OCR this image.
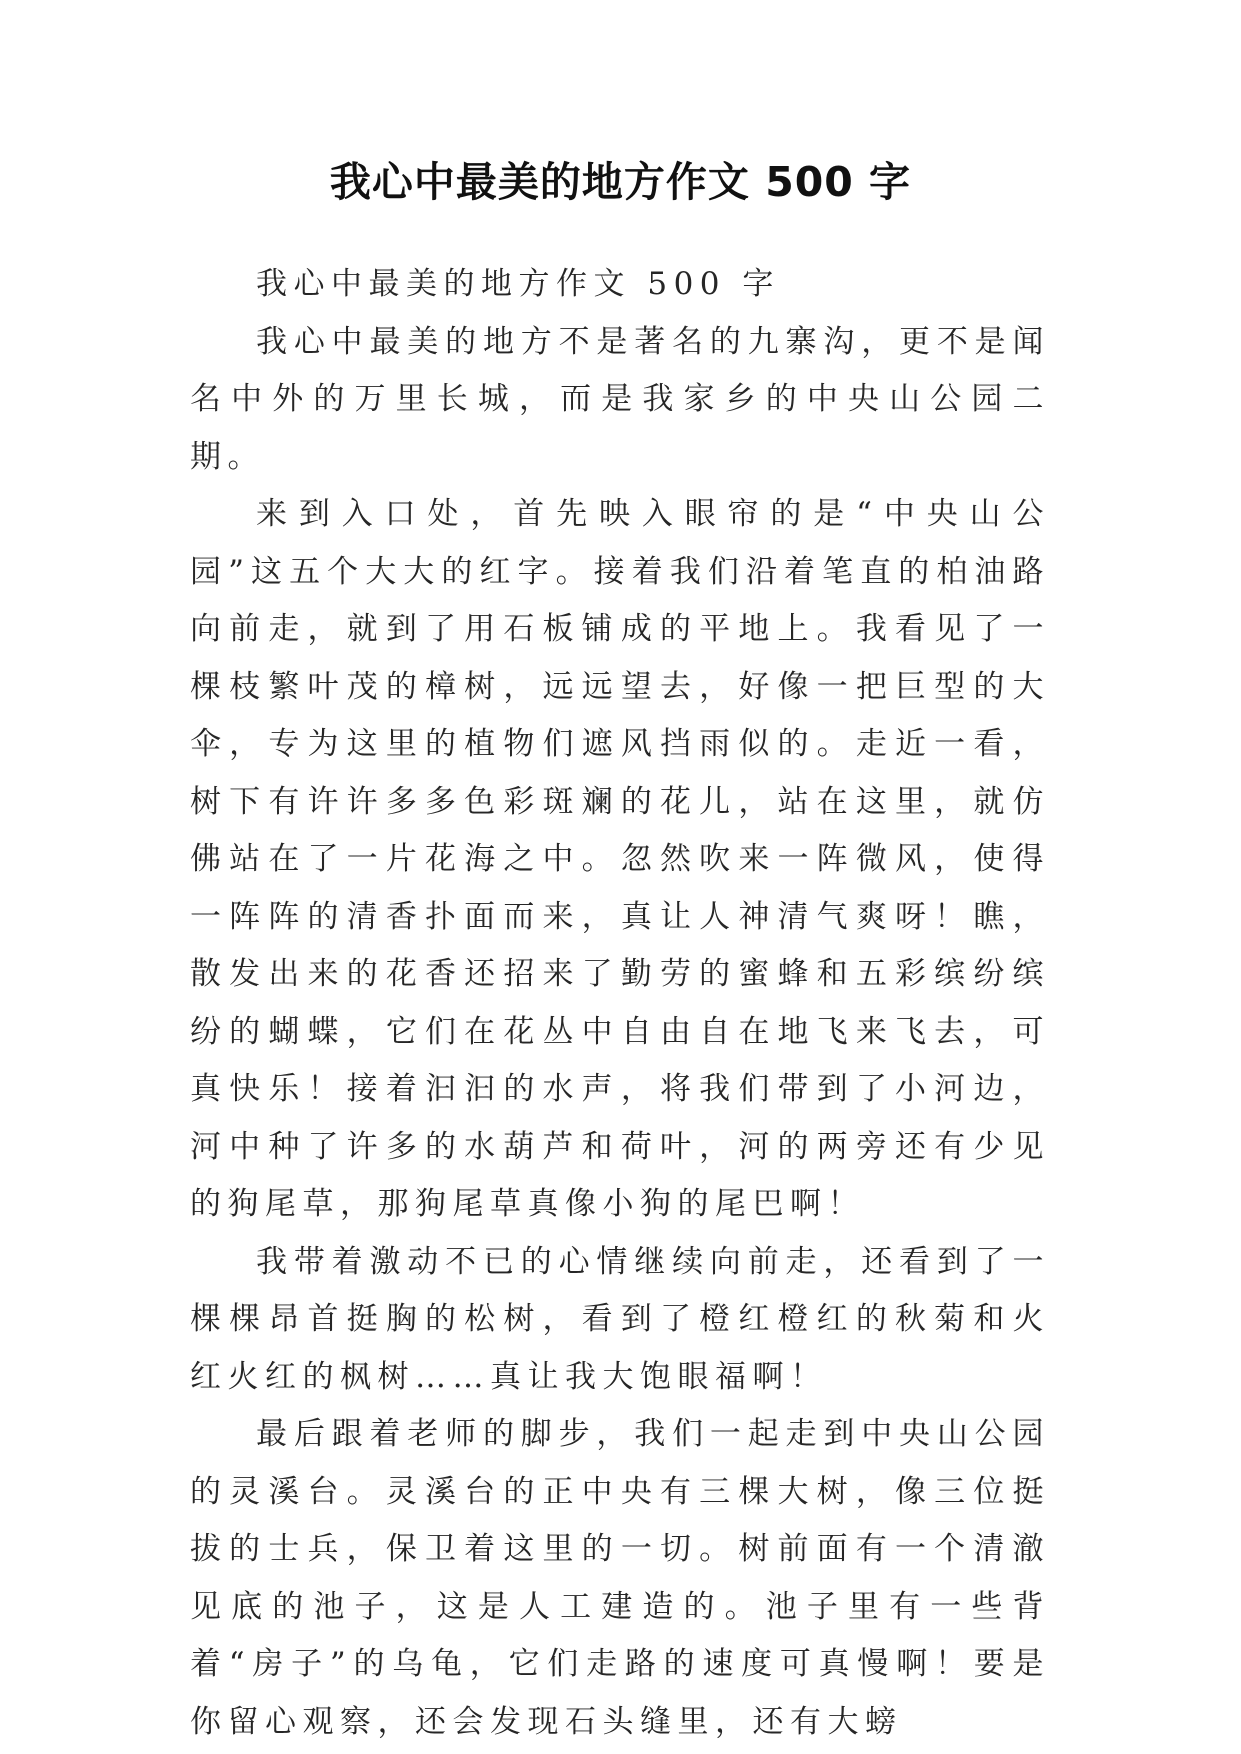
我心中最美的地方作文 500 字

我心中最美的地方作文 500 字

我心中最美的地方不是著名的九寨沟，更不是闻名中外的万里长城，而是我家乡的中央山公园二期。

来到入口处，首先映入眼帘的是“中央山公园”这五个大大的红字。接着我们沿着笔直的柏油路向前走，就到了用石板铺成的平地上。我看见了一棵枝繁叶茂的樟树，远远望去，好像一把巨型的大伞，专为这里的植物们遮风挡雨似的。走近一看，树下有许许多多色彩斑斓的花儿，站在这里，就仿佛站在了一片花海之中。忽然吹来一阵微风，使得一阵阵的清香扑面而来，真让人神清气爽呀！瞧，散发出来的花香还招来了勤劳的蜜蜂和五彩缤纷缤纷的蝴蝶，它们在花丛中自由自在地飞来飞去，可真快乐！接着汩汩的水声，将我们带到了小河边，河中种了许多的水葫芦和荷叶，河的两旁还有少见的狗尾草，那狗尾草真像小狗的尾巴啊！

我带着激动不已的心情继续向前走，还看到了一棵棵昂首挺胸的松树，看到了橙红橙红的秋菊和火红火红的枫树……真让我大饱眼福啊！

最后跟着老师的脚步，我们一起走到中央山公园的灵溪台。灵溪台的正中央有三棵大树，像三位挺拔的士兵，保卫着这里的一切。树前面有一个清澈见底的池子，这是人工建造的。池子里有一些背着“房子”的乌龟，它们走路的速度可真慢啊！要是你留心观察，还会发现石头缝里，还有大螃
